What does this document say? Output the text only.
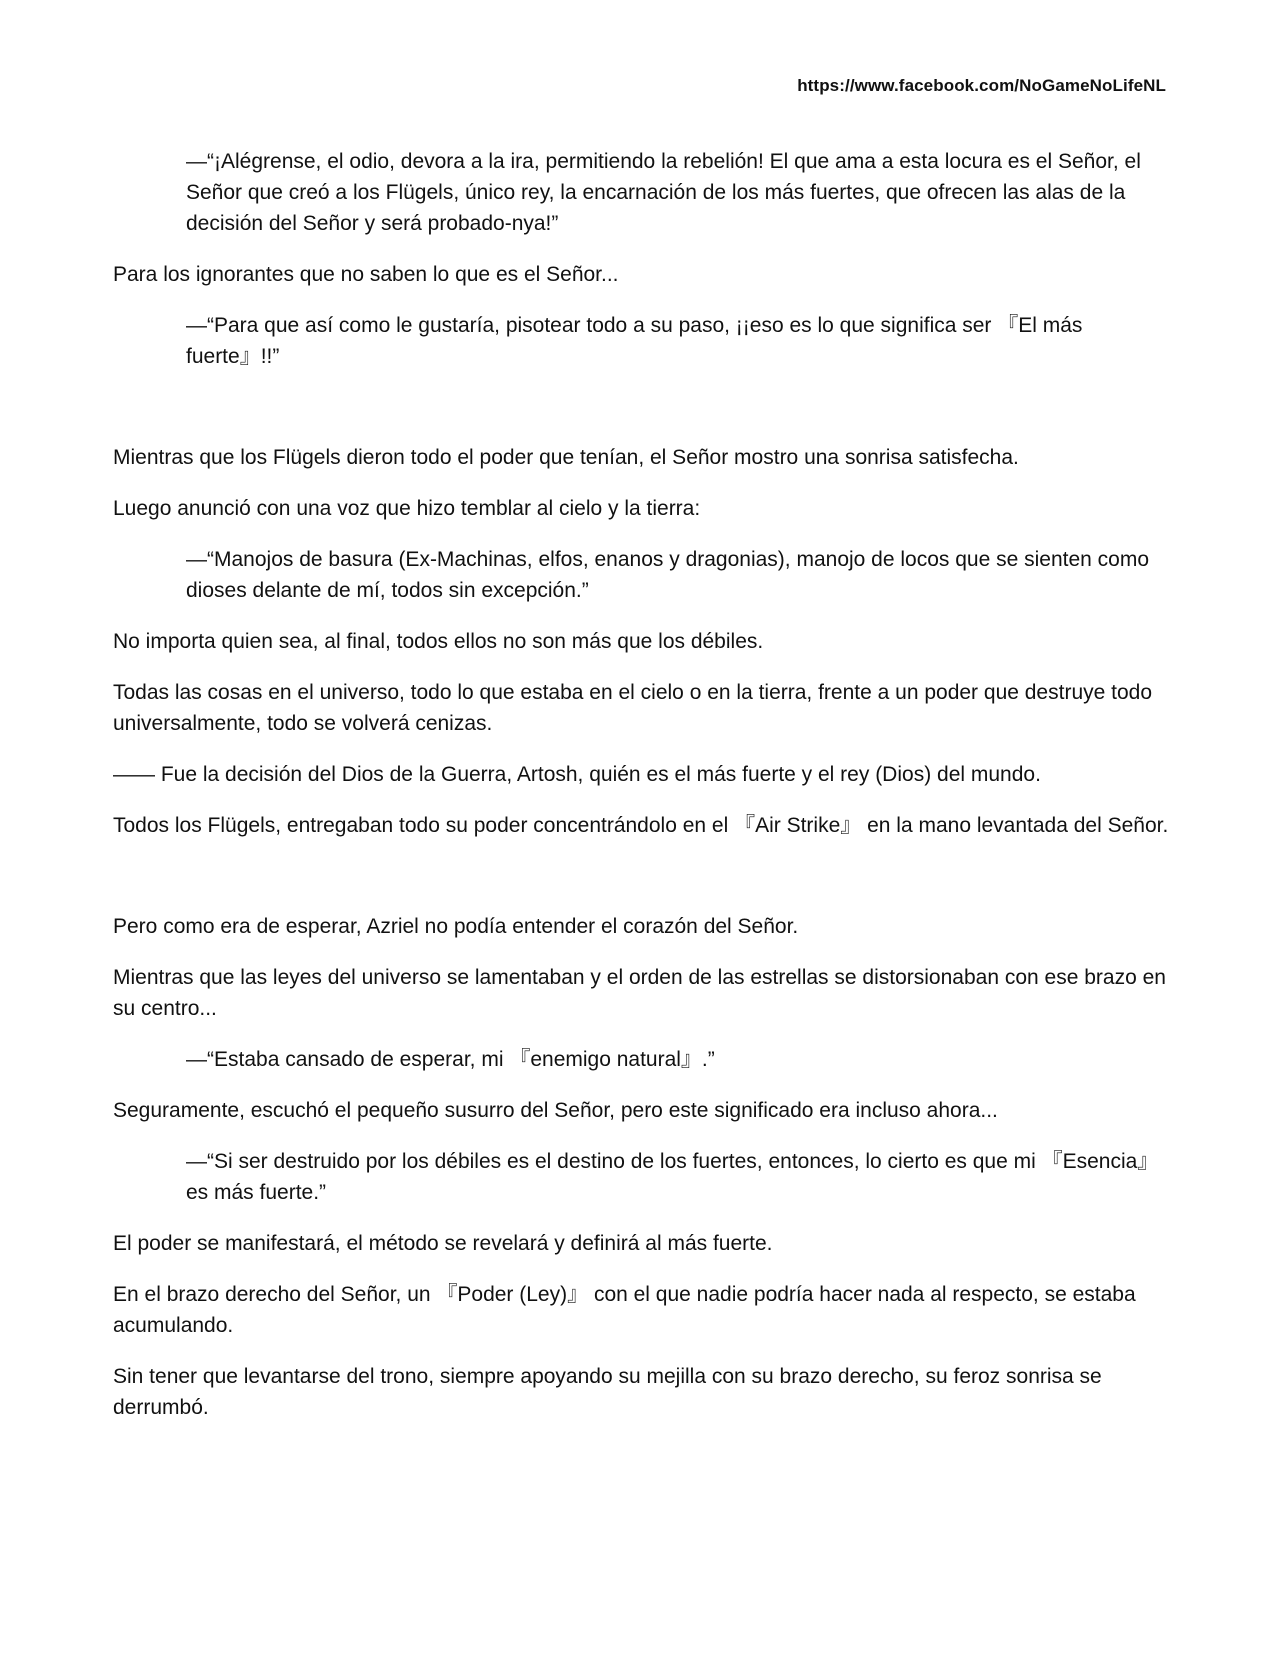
https://www.facebook.com/NoGameNoLifeNL

—“¡Alégrense, el odio, devora a la ira, permitiendo la rebelión! El que ama a esta locura es el Señor, el Señor que creó a los Flügels, único rey, la encarnación de los más fuertes, que ofrecen las alas de la decisión del Señor y será probado-nya!”

Para los ignorantes que no saben lo que es el Señor...

—“Para que así como le gustaría, pisotear todo a su paso, ¡¡eso es lo que significa ser 『El más fuerte』!!”

Mientras que los Flügels dieron todo el poder que tenían, el Señor mostro una sonrisa satisfecha.

Luego anunció con una voz que hizo temblar al cielo y la tierra:

—“Manojos de basura (Ex-Machinas, elfos, enanos y dragonias), manojo de locos que se sienten como dioses delante de mí, todos sin excepción.”

No importa quien sea, al final, todos ellos no son más que los débiles.

Todas las cosas en el universo, todo lo que estaba en el cielo o en la tierra, frente a un poder que destruye todo universalmente, todo se volverá cenizas.

—— Fue la decisión del Dios de la Guerra, Artosh, quién es el más fuerte y el rey (Dios) del mundo.

Todos los Flügels, entregaban todo su poder concentrándolo en el 『Air Strike』 en la mano levantada del Señor.

Pero como era de esperar, Azriel no podía entender el corazón del Señor.

Mientras que las leyes del universo se lamentaban y el orden de las estrellas se distorsionaban con ese brazo en su centro...

—“Estaba cansado de esperar, mi 『enemigo natural』.”

Seguramente, escuchó el pequeño susurro del Señor, pero este significado era incluso ahora...

—“Si ser destruido por los débiles es el destino de los fuertes, entonces, lo cierto es que mi 『Esencia』 es más fuerte.”

El poder se manifestará, el método se revelará y definirá al más fuerte.

En el brazo derecho del Señor, un 『Poder (Ley)』 con el que nadie podría hacer nada al respecto, se estaba acumulando.

Sin tener que levantarse del trono, siempre apoyando su mejilla con su brazo derecho, su feroz sonrisa se derrumbó.
